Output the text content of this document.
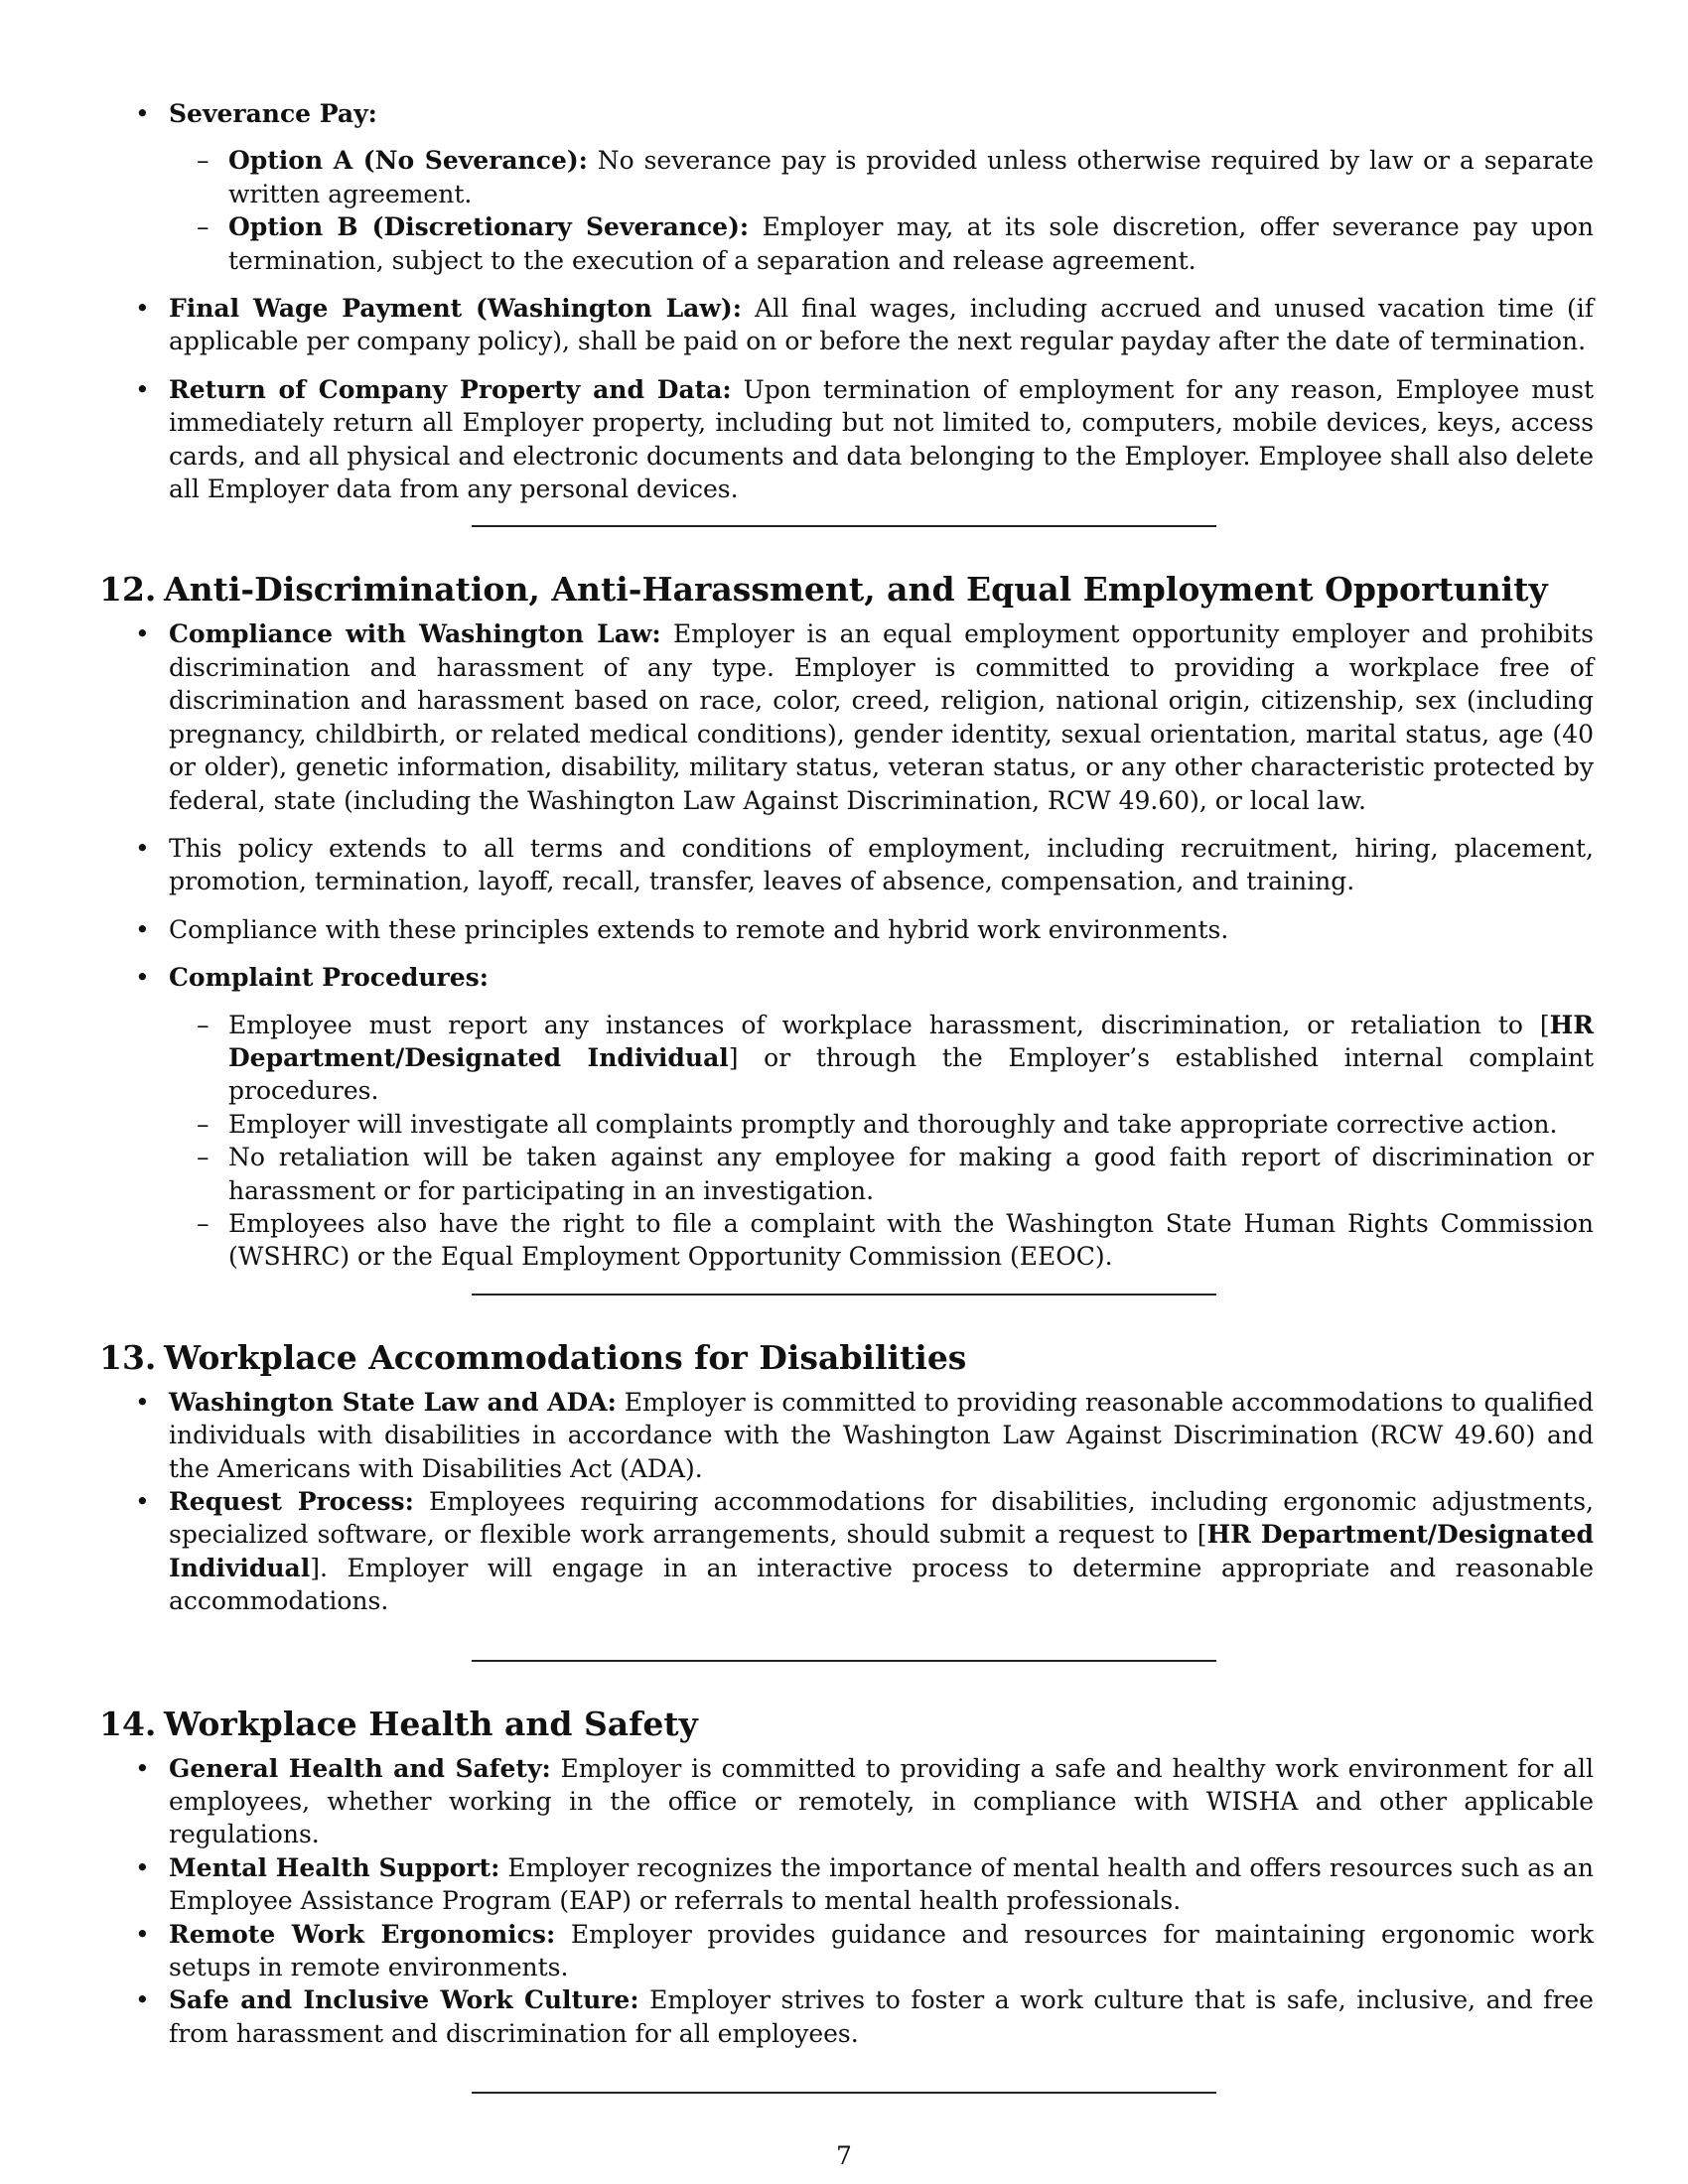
• Severance Pay:
– Option A (No Severance): No severance pay is provided unless otherwise required by law or a separate written agreement.
– Option B (Discretionary Severance): Employer may, at its sole discretion, offer severance pay upon termination, subject to the execution of a separation and release agreement.
• Final Wage Payment (Washington Law): All final wages, including accrued and unused vacation time (if applicable per company policy), shall be paid on or before the next regular payday after the date of termination.
• Return of Company Property and Data: Upon termination of employment for any reason, Employee must immediately return all Employer property, including but not limited to, computers, mobile devices, keys, access cards, and all physical and electronic documents and data belonging to the Employer. Employee shall also delete all Employer data from any personal devices.
12. Anti-Discrimination, Anti-Harassment, and Equal Employment Opportunity
• Compliance with Washington Law: Employer is an equal employment opportunity employer and prohibits discrimination and harassment of any type. Employer is committed to providing a workplace free of discrimination and harassment based on race, color, creed, religion, national origin, citizenship, sex (including pregnancy, childbirth, or related medical conditions), gender identity, sexual orientation, marital status, age (40 or older), genetic information, disability, military status, veteran status, or any other characteristic protected by federal, state (including the Washington Law Against Discrimination, RCW 49.60), or local law.
• This policy extends to all terms and conditions of employment, including recruitment, hiring, placement, promotion, termination, layoff, recall, transfer, leaves of absence, compensation, and training.
• Compliance with these principles extends to remote and hybrid work environments.
• Complaint Procedures:
– Employee must report any instances of workplace harassment, discrimination, or retaliation to [HR Department/Designated Individual] or through the Employer’s established internal complaint procedures.
– Employer will investigate all complaints promptly and thoroughly and take appropriate corrective action.
– No retaliation will be taken against any employee for making a good faith report of discrimination or harassment or for participating in an investigation.
– Employees also have the right to file a complaint with the Washington State Human Rights Commission (WSHRC) or the Equal Employment Opportunity Commission (EEOC).
13. Workplace Accommodations for Disabilities
• Washington State Law and ADA: Employer is committed to providing reasonable accommodations to qualified individuals with disabilities in accordance with the Washington Law Against Discrimination (RCW 49.60) and the Americans with Disabilities Act (ADA).
• Request Process: Employees requiring accommodations for disabilities, including ergonomic adjustments, specialized software, or flexible work arrangements, should submit a request to [HR Department/Designated Individual]. Employer will engage in an interactive process to determine appropriate and reasonable accommodations.
14. Workplace Health and Safety
• General Health and Safety: Employer is committed to providing a safe and healthy work environment for all employees, whether working in the office or remotely, in compliance with WISHA and other applicable regulations.
• Mental Health Support: Employer recognizes the importance of mental health and offers resources such as an Employee Assistance Program (EAP) or referrals to mental health professionals.
• Remote Work Ergonomics: Employer provides guidance and resources for maintaining ergonomic work setups in remote environments.
• Safe and Inclusive Work Culture: Employer strives to foster a work culture that is safe, inclusive, and free from harassment and discrimination for all employees.
7
